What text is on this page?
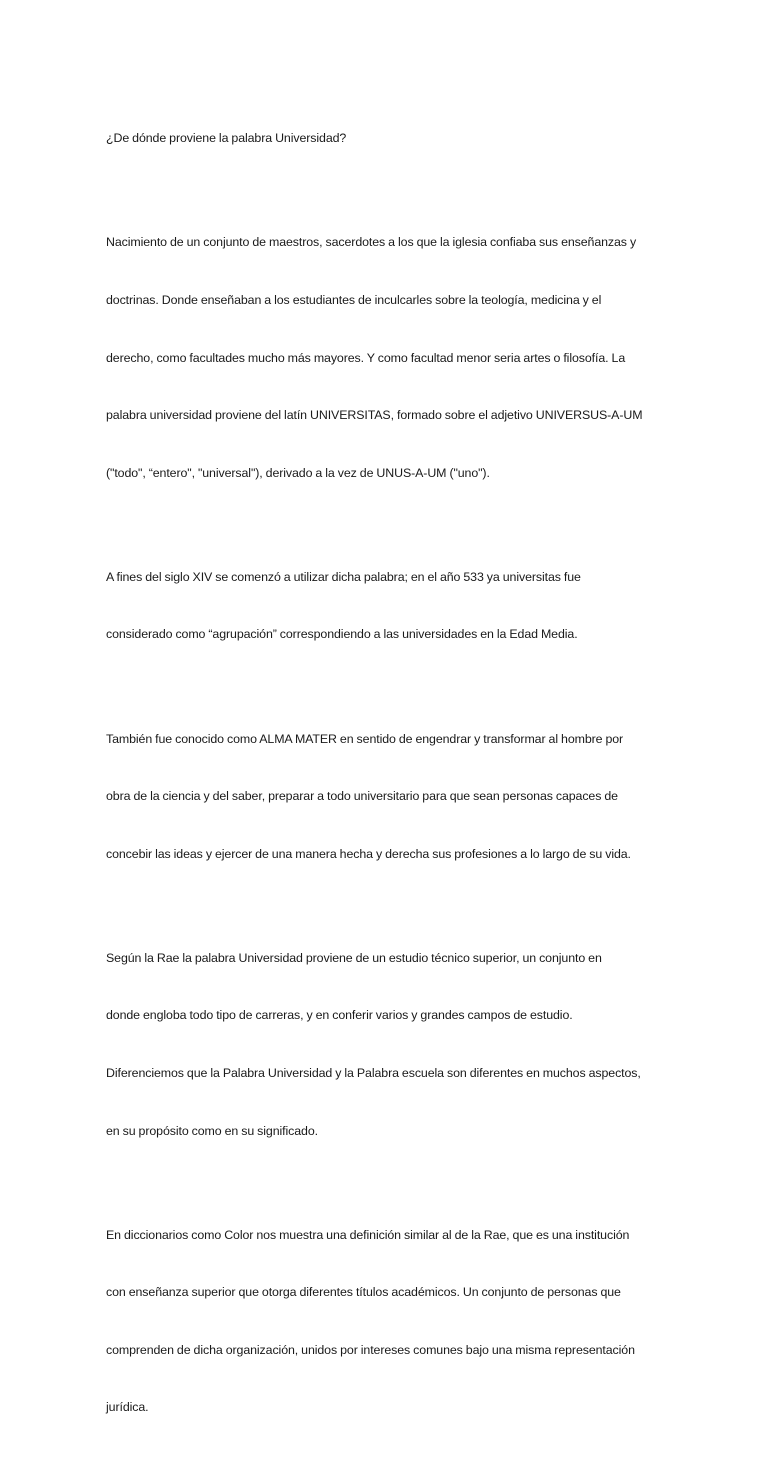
¿De dónde proviene la palabra Universidad?

Nacimiento de un conjunto de maestros, sacerdotes a los que la iglesia confiaba sus enseñanzas y

doctrinas. Donde enseñaban a los estudiantes de inculcarles sobre la teología, medicina y el

derecho, como facultades mucho más mayores. Y como facultad menor seria artes o filosofía. La

palabra universidad proviene del latín UNIVERSITAS, formado sobre el adjetivo UNIVERSUS-A-UM

("todo", “entero", "universal"), derivado a la vez de UNUS-A-UM ("uno").

A fines del siglo XIV se comenzó a utilizar dicha palabra; en el año 533 ya universitas fue

considerado como “agrupación” correspondiendo a las universidades en la Edad Media.

También fue conocido como ALMA MATER en sentido de engendrar y transformar al hombre por

obra de la ciencia y del saber, preparar a todo universitario para que sean personas capaces de

concebir las ideas y ejercer de una manera hecha y derecha sus profesiones a lo largo de su vida.

Según la Rae la palabra Universidad proviene de un estudio técnico superior, un conjunto en

donde engloba todo tipo de carreras, y en conferir varios y grandes campos de estudio.

Diferenciemos que la Palabra Universidad y la Palabra escuela son diferentes en muchos aspectos,

en su propósito como en su significado.

En diccionarios como Color nos muestra una definición similar al de la Rae, que es una institución

con enseñanza superior que otorga diferentes títulos académicos. Un conjunto de personas que

comprenden de dicha organización, unidos por intereses comunes bajo una misma representación

jurídica.
